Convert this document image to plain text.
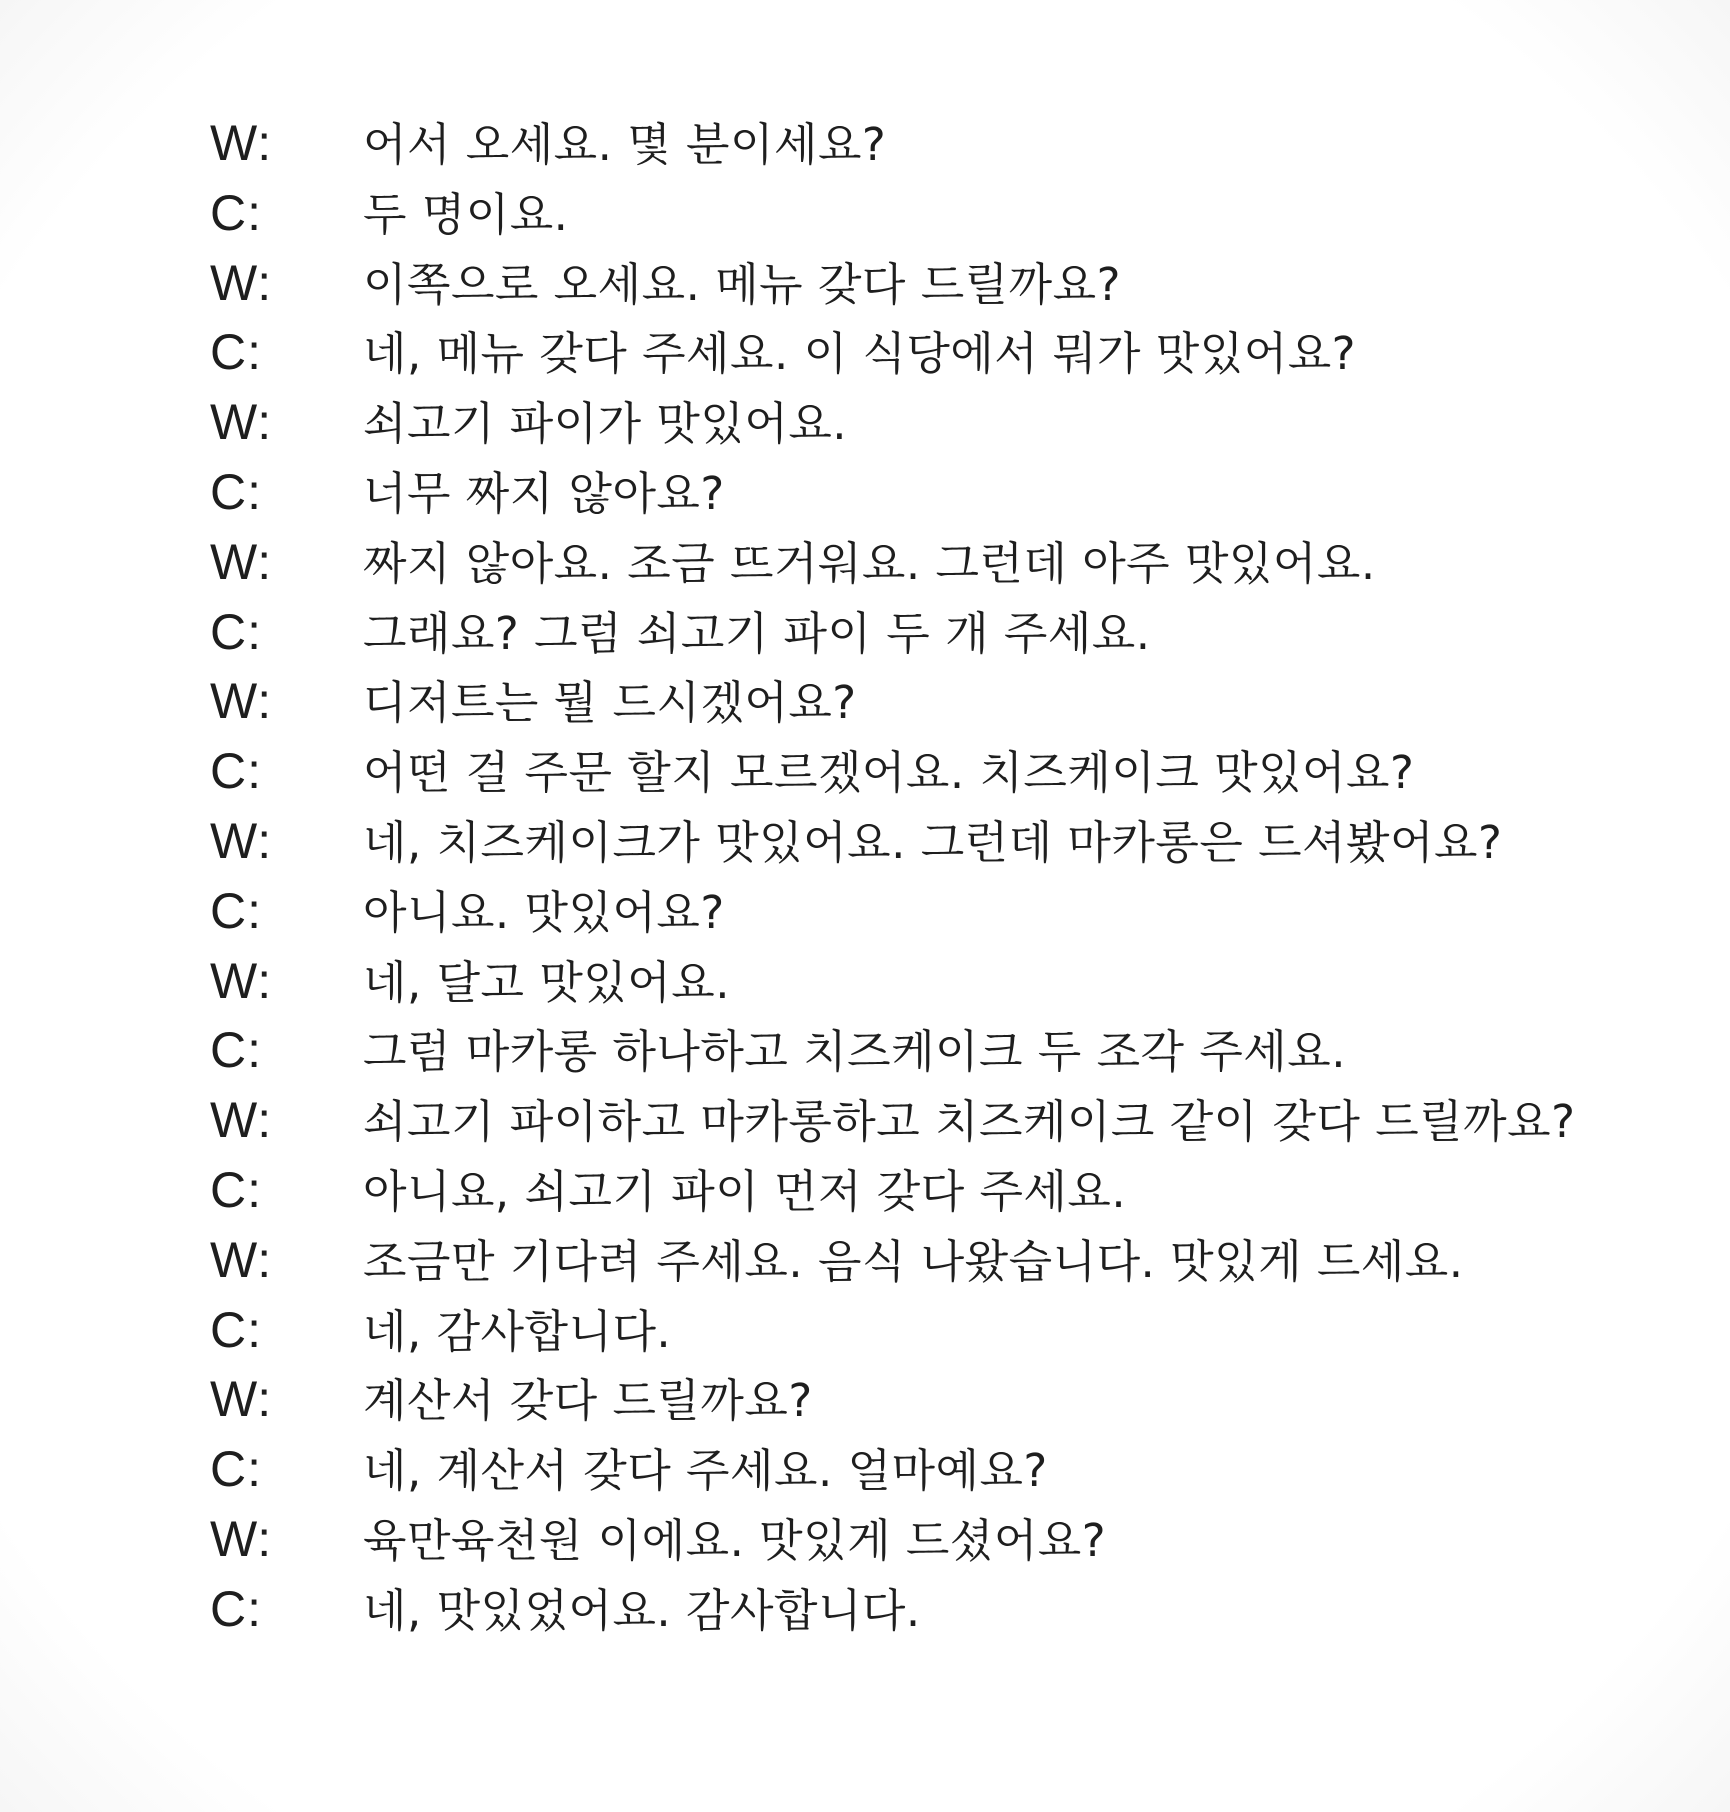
W:	어서 오세요. 몇 분이세요?
C:	두 명이요.
W:	이쪽으로 오세요. 메뉴 갖다 드릴까요?
C:	네, 메뉴 갖다 주세요. 이 식당에서 뭐가 맛있어요?
W:	쇠고기 파이가 맛있어요.
C:	너무 짜지 않아요?
W:	짜지 않아요. 조금 뜨거워요. 그런데 아주 맛있어요.
C:	그래요? 그럼 쇠고기 파이 두 개 주세요.
W:	디저트는 뭘 드시겠어요?
C:	어떤 걸 주문 할지 모르겠어요. 치즈케이크 맛있어요?
W:	네, 치즈케이크가 맛있어요. 그런데 마카롱은 드셔봤어요?
C:	아니요. 맛있어요?
W:	네, 달고 맛있어요.
C:	그럼 마카롱 하나하고 치즈케이크 두 조각 주세요.
W:	쇠고기 파이하고 마카롱하고 치즈케이크 같이 갖다 드릴까요?
C:	아니요, 쇠고기 파이 먼저 갖다 주세요.
W:	조금만 기다려 주세요. 음식 나왔습니다. 맛있게 드세요.
C:	네, 감사합니다.
W:	계산서 갖다 드릴까요?
C:	네, 계산서 갖다 주세요. 얼마예요?
W:	육만육천원 이에요. 맛있게 드셨어요?
C:	네, 맛있었어요. 감사합니다.
